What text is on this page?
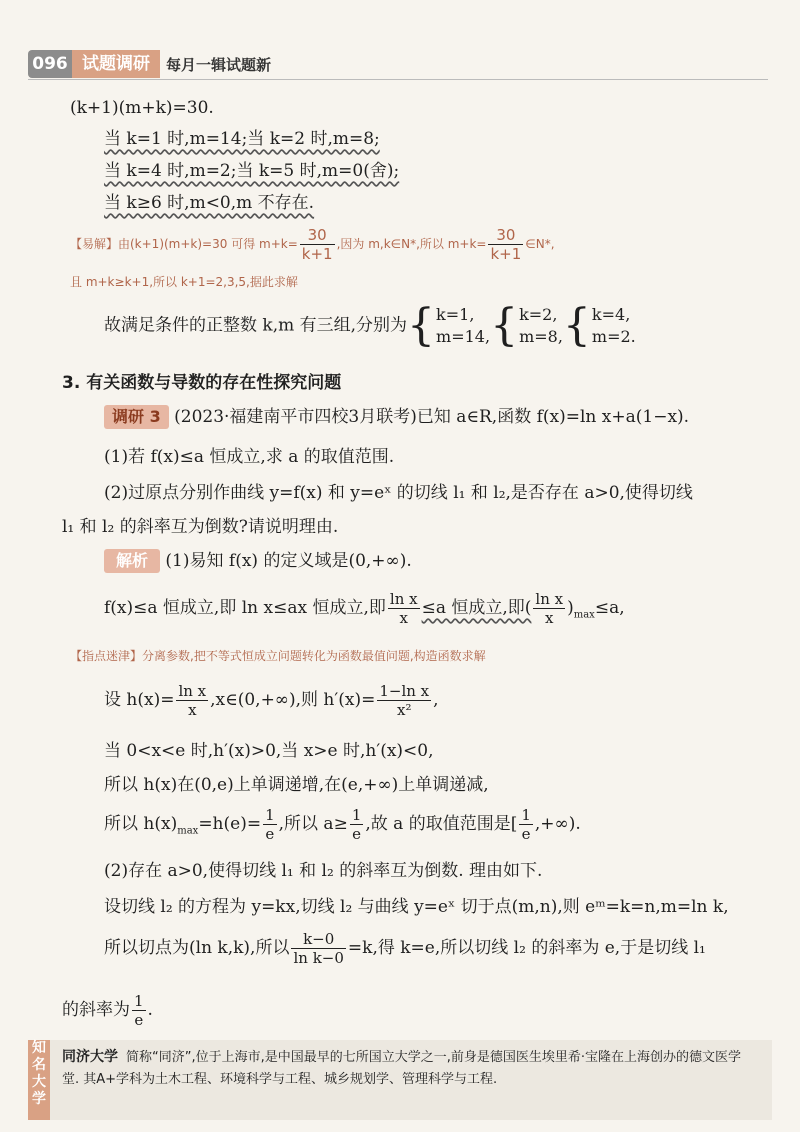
096 试题调研	每月一辑试题新
(k+1)(m+k)=30.
当 k=1 时,m=14;当 k=2 时,m=8;
当 k=4 时,m=2;当 k=5 时,m=0(舍);
当 k≥6 时,m<0,m 不存在.
【易解】由(k+1)(m+k)=30 可得 $m+k= \frac{30}{k+1}$ ,因为 m,k∈N*,所以 $m+k= \frac{30}{k+1}$ ∈N*,
且 m+k≥k+1,所以 k+1=2,3,5,据此求解
故满足条件的正整数 k,m 有三组,分别为{ k=1,
m=14, { k=2,
m=8, { k=4,
m=2.
3. 有关函数与导数的存在性探究问题
调研 3 (2023·福建南平市四校3月联考)已知 a∈R,函数 f(x)=ln x+a(1−x).
(1)若 f(x)≤a 恒成立,求 a 的取值范围.
(2)过原点分别作曲线 y=f(x) 和 y=eˣ 的切线 l₁ 和 l₂,是否存在 a>0,使得切线
l₁ 和 l₂ 的斜率互为倒数?请说明理由.
解析 (1)易知 f(x) 的定义域是(0,+∞).
f(x)≤a 恒成立,即 ln x≤ax 恒成立,即 $\frac{\text{ln x}}{x} \le a$ 恒成立,即( $\frac{\text{ln x}}{x} )_{max}\le a$,
【指点迷津】分离参数,把不等式恒成立问题转化为函数最值问题,构造函数求解
设 $h(x)= \frac{\text{ln x}}{x}$ ,x∈(0,+∞),则 $h'(x)= \frac{\text{1−ln x}}{\text{x²}}$ ,
当 0<x<e 时,h′(x)>0,当 x>e 时,h′(x)<0,
所以 h(x)在(0,e)上单调递增,在(e,+∞)上单调递减,
所以 $h(x)_{max}=h(e)= \frac{1}{e}$ ,所以 $a\ge \frac{1}{e}$ ,故 a 的取值范围是[ $\frac{1}{e}$ ,+∞).
(2)存在 a>0,使得切线 l₁ 和 l₂ 的斜率互为倒数. 理由如下.
设切线 l₂ 的方程为 y=kx,切线 l₂ 与曲线 y=eˣ 切于点(m,n),则 eᵐ=k=n,m=ln k,
所以切点为(ln k,k),所以 $\frac{k-0}{\text{ln k−0}} =k$,得 k=e,所以切线 l₂ 的斜率为 e,于是切线 l₁
的斜率为 $\frac{1}{e}$ .
知名大学
同济大学 简称“同济”,位于上海市,是中国最早的七所国立大学之一,前身是德国医生埃里希·宝隆在上海创办的德文医学堂. 其A+学科为土木工程、环境科学与工程、城乡规划学、管理科学与工程.
